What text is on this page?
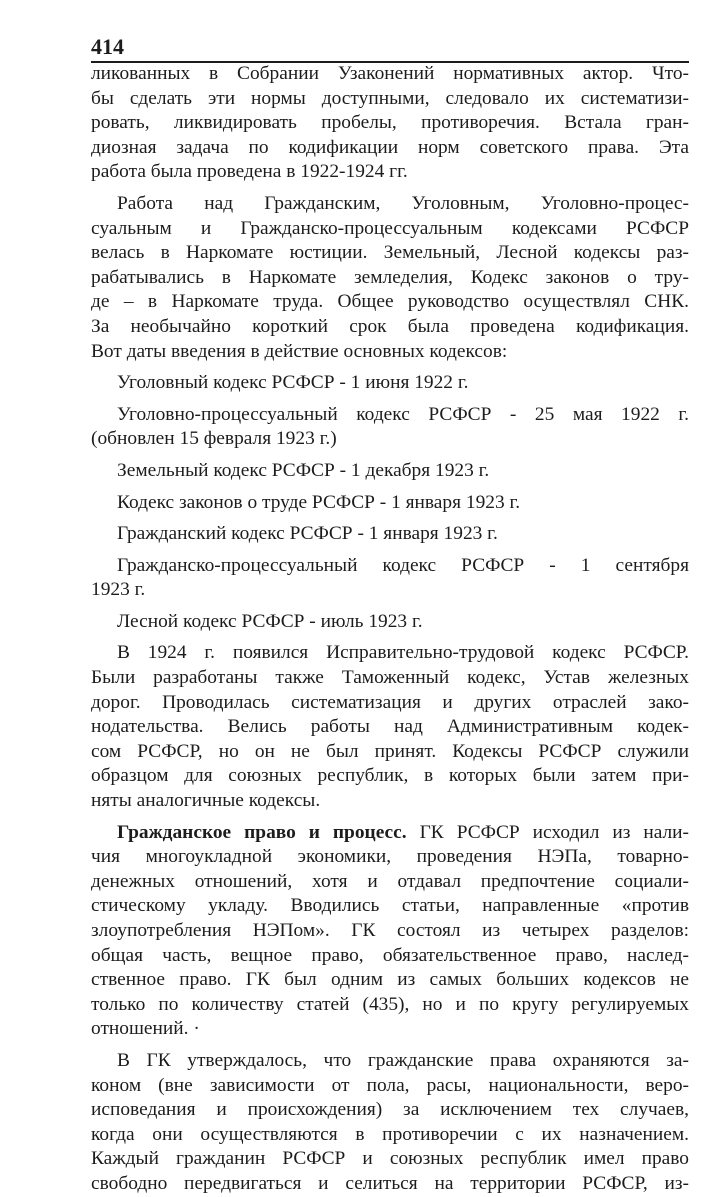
414
ликованных в Собрании Узаконений нормативных актор. Что-
бы сделать эти нормы доступными, следовало их систематизи-
ровать, ликвидировать пробелы, противоречия. Встала гран-
диозная задача по кодификации норм советского права. Эта
работа была проведена в 1922-1924 гг.
Работа над Гражданским, Уголовным, Уголовно-процес-
суальным и Гражданско-процессуальным кодексами РСФСР
велась в Наркомате юстиции. Земельный, Лесной кодексы раз-
рабатывались в Наркомате земледелия, Кодекс законов о тру-
де – в Наркомате труда. Общее руководство осуществлял СНК.
За необычайно короткий срок была проведена кодификация.
Вот даты введения в действие основных кодексов:
Уголовный кодекс РСФСР - 1 июня 1922 г.
Уголовно-процессуальный кодекс РСФСР - 25 мая 1922 г.
(обновлен 15 февраля 1923 г.)
Земельный кодекс РСФСР - 1 декабря 1923 г.
Кодекс законов о труде РСФСР - 1 января 1923 г.
Гражданский кодекс РСФСР - 1 января 1923 г.
Гражданско-процессуальный кодекс РСФСР - 1 сентября
1923 г.
Лесной кодекс РСФСР - июль 1923 г.
В 1924 г. появился Исправительно-трудовой кодекс РСФСР.
Были разработаны также Таможенный кодекс, Устав железных
дорог. Проводилась систематизация и других отраслей зако-
нодательства. Велись работы над Административным кодек-
сом РСФСР, но он не был принят. Кодексы РСФСР служили
образцом для союзных республик, в которых были затем при-
няты аналогичные кодексы.
Гражданское право и процесс. ГК РСФСР исходил из нали-
чия многоукладной экономики, проведения НЭПа, товарно-
денежных отношений, хотя и отдавал предпочтение социали-
стическому укладу. Вводились статьи, направленные «против
злоупотребления НЭПом». ГК состоял из четырех разделов:
общая часть, вещное право, обязательственное право, наслед-
ственное право. ГК был одним из самых больших кодексов не
только по количеству статей (435), но и по кругу регулируемых
отношений. ·
В ГК утверждалось, что гражданские права охраняются за-
коном (вне зависимости от пола, расы, национальности, веро-
исповедания и происхождения) за исключением тех случаев,
когда они осуществляются в противоречии с их назначением.
Каждый гражданин РСФСР и союзных республик имел право
свободно передвигаться и селиться на территории РСФСР, из-
